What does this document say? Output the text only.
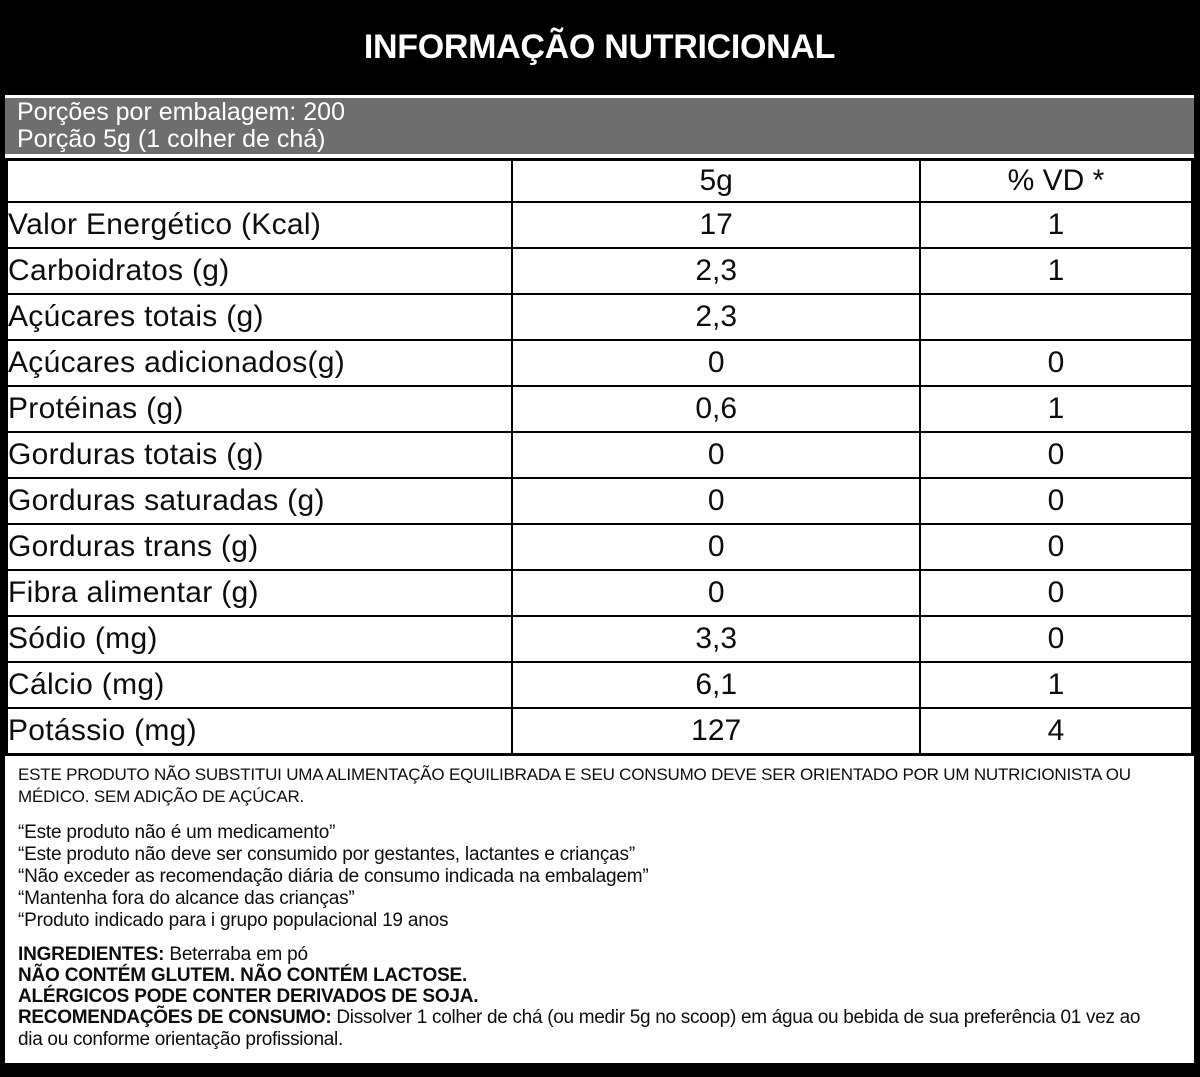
INFORMAÇÃO NUTRICIONAL
Porções por embalagem: 200
Porção 5g (1 colher de chá)
	5g	% VD *
Valor Energético (Kcal)	17	1
Carboidratos (g)	2,3	1
Açúcares totais (g)	2,3	
Açúcares adicionados(g)	0	0
Protéinas (g)	0,6	1
Gorduras totais (g)	0	0
Gorduras saturadas (g)	0	0
Gorduras trans (g)	0	0
Fibra alimentar (g)	0	0
Sódio (mg)	3,3	0
Cálcio (mg)	6,1	1
Potássio (mg)	127	4

ESTE PRODUTO NÃO SUBSTITUI UMA ALIMENTAÇÃO EQUILIBRADA E SEU CONSUMO DEVE SER ORIENTADO POR UM NUTRICIONISTA OU MÉDICO. SEM ADIÇÃO DE AÇÚCAR.

“Este produto não é um medicamento”

“Este produto não deve ser consumido por gestantes, lactantes e crianças”

“Não exceder as recomendação diária de consumo indicada na embalagem”

“Mantenha fora do alcance das crianças”

“Produto indicado para i grupo populacional 19 anos

INGREDIENTES: Beterraba em pó

NÃO CONTÉM GLUTEM. NÃO CONTÉM LACTOSE.

ALÉRGICOS PODE CONTER DERIVADOS DE SOJA.

RECOMENDAÇÕES DE CONSUMO: Dissolver 1 colher de chá (ou medir 5g no scoop) em água ou bebida de sua preferência 01 vez ao dia ou conforme orientação profissional.
